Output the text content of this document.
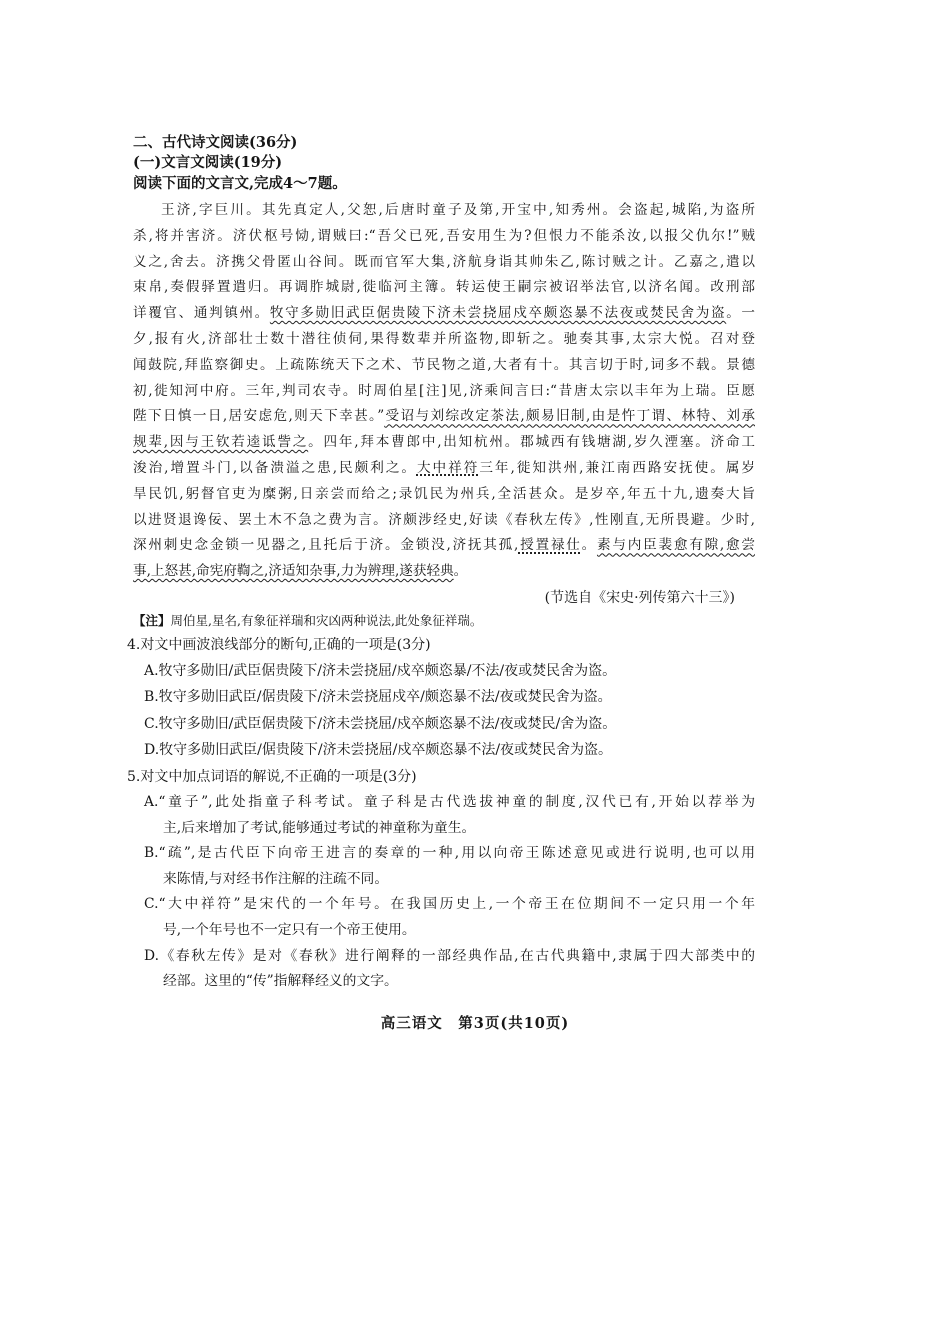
二、古代诗文阅读(36分)
(一)文言文阅读(19分)
阅读下面的文言文,完成4～7题。
王济,字巨川。其先真定人,父恕,后唐时童子及第,开宝中,知秀州。会盗起,城陷,为盗所
杀,将并害济。济伏枢号恸,谓贼曰:“吾父已死,吾安用生为?但恨力不能杀汝,以报父仇尔!”贼
义之,舍去。济携父骨匿山谷间。既而官军大集,济航身诣其帅朱乙,陈讨贼之计。乙嘉之,遣以
束帛,奏假驿置遣归。再调胙城尉,徙临河主簿。转运使王嗣宗被诏举法官,以济名闻。改刑部
详覆官、通判镇州。牧守多勋旧武臣倨贵陵下济未尝挠屈戍卒颇恣暴不法夜或焚民舍为盗。一
夕,报有火,济部壮士数十潜往侦伺,果得数辈并所盗物,即斩之。驰奏其事,太宗大悦。召对登
闻鼓院,拜监察御史。上疏陈统天下之术、节民物之道,大者有十。其言切于时,词多不载。景德
初,徙知河中府。三年,判司农寺。时周伯星[注]见,济乘间言曰:“昔唐太宗以丰年为上瑞。臣愿
陛下日慎一日,居安虑危,则天下幸甚。”受诏与刘综改定茶法,颇易旧制,由是忤丁谓、林特、刘承
规辈,因与王钦若逵诋訾之。四年,拜本曹郎中,出知杭州。郡城西有钱塘湖,岁久湮塞。济命工
浚治,增置斗门,以备溃溢之患,民颇利之。大中祥符三年,徙知洪州,兼江南西路安抚使。属岁
旱民饥,躬督官吏为糜粥,日亲尝而给之;录饥民为州兵,全活甚众。是岁卒,年五十九,遗奏大旨
以进贤退谗佞、罢土木不急之费为言。济颇涉经史,好读《春秋左传》,性刚直,无所畏避。少时,
深州刺史念金锁一见器之,且托后于济。金锁没,济抚其孤,授置禄仕。素与内臣裴愈有隙,愈尝
事,上怒甚,命宪府鞫之,济适知杂事,力为辨理,遂获轻典。
(节选自《宋史·列传第六十三》)
【注】周伯星,星名,有象征祥瑞和灾凶两种说法,此处象征祥瑞。
4.对文中画波浪线部分的断句,正确的一项是(3分)
A.牧守多勋旧/武臣倨贵陵下/济未尝挠屈/戍卒颇恣暴/不法/夜或焚民舍为盗。
B.牧守多勋旧武臣/倨贵陵下/济未尝挠屈戍卒/颇恣暴不法/夜或焚民舍为盗。
C.牧守多勋旧/武臣倨贵陵下/济未尝挠屈/戍卒颇恣暴不法/夜或焚民/舍为盗。
D.牧守多勋旧武臣/倨贵陵下/济未尝挠屈/戍卒颇恣暴不法/夜或焚民舍为盗。
5.对文中加点词语的解说,不正确的一项是(3分)
A.“童子”,此处指童子科考试。童子科是古代选拔神童的制度,汉代已有,开始以荐举为
主,后来增加了考试,能够通过考试的神童称为童生。
B.“疏”,是古代臣下向帝王进言的奏章的一种,用以向帝王陈述意见或进行说明,也可以用
来陈情,与对经书作注解的注疏不同。
C.“大中祥符”是宋代的一个年号。在我国历史上,一个帝王在位期间不一定只用一个年
号,一个年号也不一定只有一个帝王使用。
D.《春秋左传》是对《春秋》进行阐释的一部经典作品,在古代典籍中,隶属于四大部类中的
经部。这里的“传”指解释经义的文字。
高三语文　第3页(共10页)
